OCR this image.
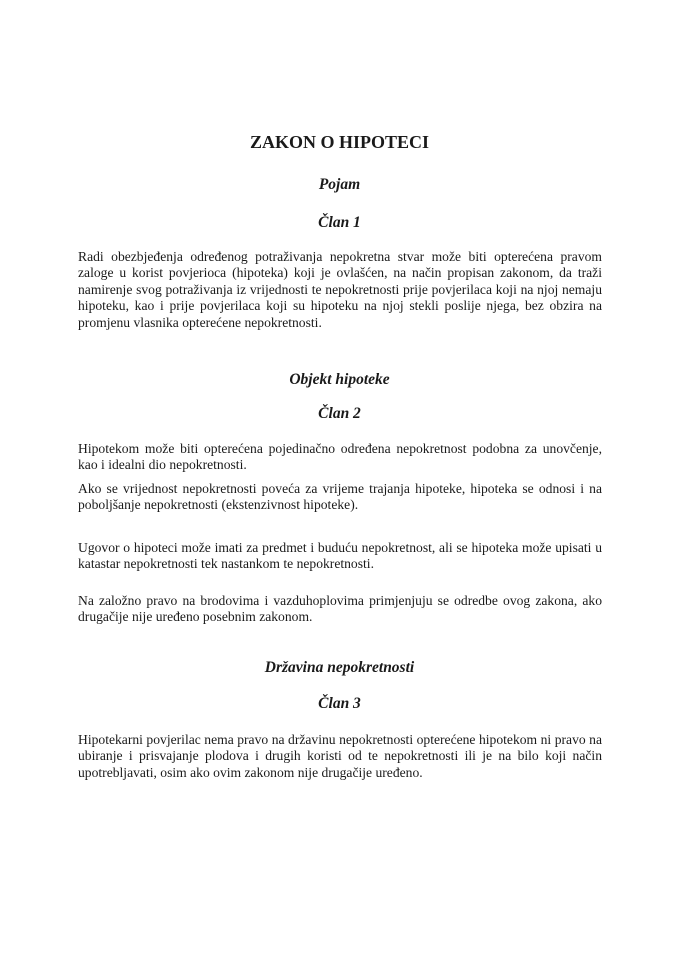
ZAKON O HIPOTECI
Pojam
Član 1

Radi obezbjeđenja određenog potraživanja nepokretna stvar može biti opterećena pravom zaloge u korist povjerioca (hipoteka) koji je ovlašćen, na način propisan zakonom, da traži namirenje svog potraživanja iz vrijednosti te nepokretnosti prije povjerilaca koji na njoj nemaju hipoteku, kao i prije povjerilaca koji su hipoteku na njoj stekli poslije njega, bez obzira na promjenu vlasnika opterećene nepokretnosti.

Objekt hipoteke
Član 2

Hipotekom može biti opterećena pojedinačno određena nepokretnost podobna za unovčenje, kao i idealni dio nepokretnosti.

Ako se vrijednost nepokretnosti poveća za vrijeme trajanja hipoteke, hipoteka se odnosi i na poboljšanje nepokretnosti (ekstenzivnost hipoteke).

Ugovor o hipoteci može imati za predmet i buduću nepokretnost, ali se hipoteka može upisati u katastar nepokretnosti tek nastankom te nepokretnosti.

Na založno pravo na brodovima i vazduhoplovima primjenjuju se odredbe ovog zakona, ako drugačije nije uređeno posebnim zakonom.

Državina nepokretnosti
Član 3

Hipotekarni povjerilac nema pravo na državinu nepokretnosti opterećene hipotekom ni pravo na ubiranje i prisvajanje plodova i drugih koristi od te nepokretnosti ili je na bilo koji način upotrebljavati, osim ako ovim zakonom nije drugačije uređeno.
